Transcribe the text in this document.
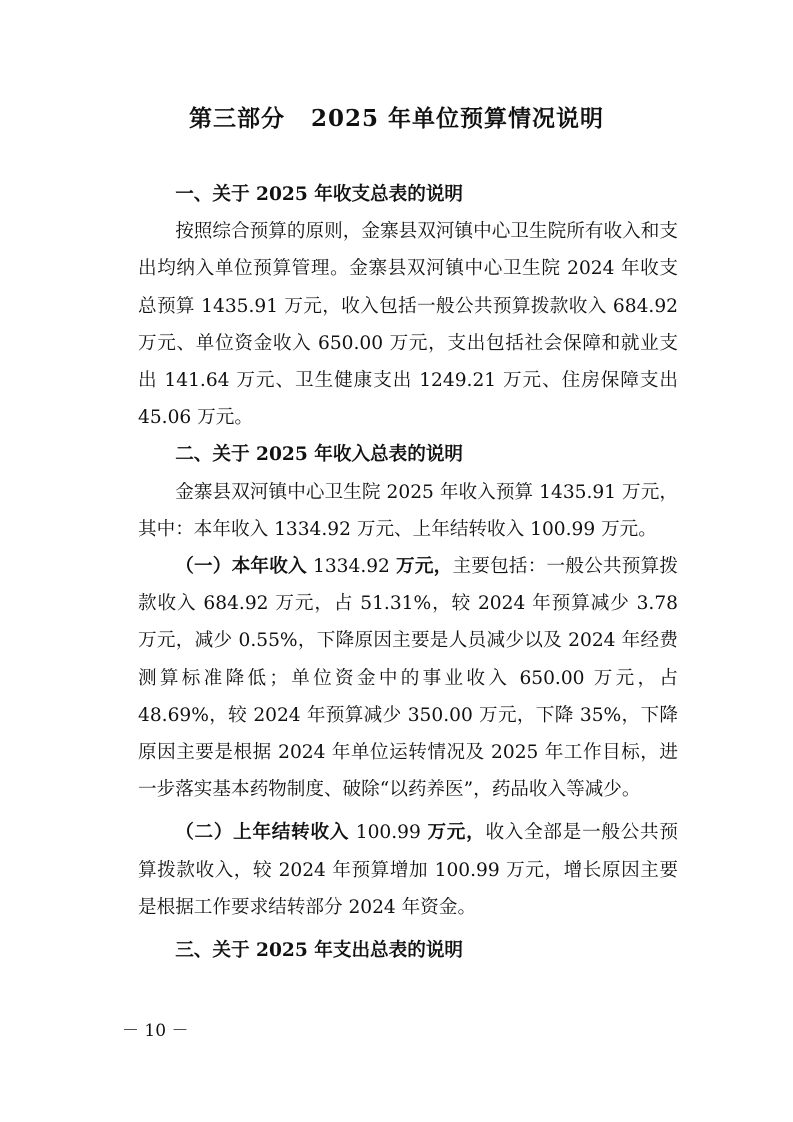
第三部分 2025 年单位预算情况说明

一、关于 2025 年收支总表的说明

按照综合预算的原则，金寨县双河镇中心卫生院所有收入和支出均纳入单位预算管理。金寨县双河镇中心卫生院 2024 年收支总预算 1435.91 万元，收入包括一般公共预算拨款收入 684.92 万元、单位资金收入 650.00 万元，支出包括社会保障和就业支出 141.64 万元、卫生健康支出 1249.21 万元、住房保障支出 45.06 万元。

二、关于 2025 年收入总表的说明

金寨县双河镇中心卫生院 2025 年收入预算 1435.91 万元，其中：本年收入 1334.92 万元、上年结转收入 100.99 万元。

（一）本年收入 1334.92 万元，主要包括：一般公共预算拨款收入 684.92 万元，占 51.31%，较 2024 年预算减少 3.78 万元，减少 0.55%，下降原因主要是人员减少以及 2024 年经费测算标准降低；单位资金中的事业收入 650.00 万元，占 48.69%，较 2024 年预算减少 350.00 万元，下降 35%，下降原因主要是根据 2024 年单位运转情况及 2025 年工作目标，进一步落实基本药物制度、破除“以药养医”，药品收入等减少。

（二）上年结转收入 100.99 万元，收入全部是一般公共预算拨款收入，较 2024 年预算增加 100.99 万元，增长原因主要是根据工作要求结转部分 2024 年资金。

三、关于 2025 年支出总表的说明

－ 10 －
